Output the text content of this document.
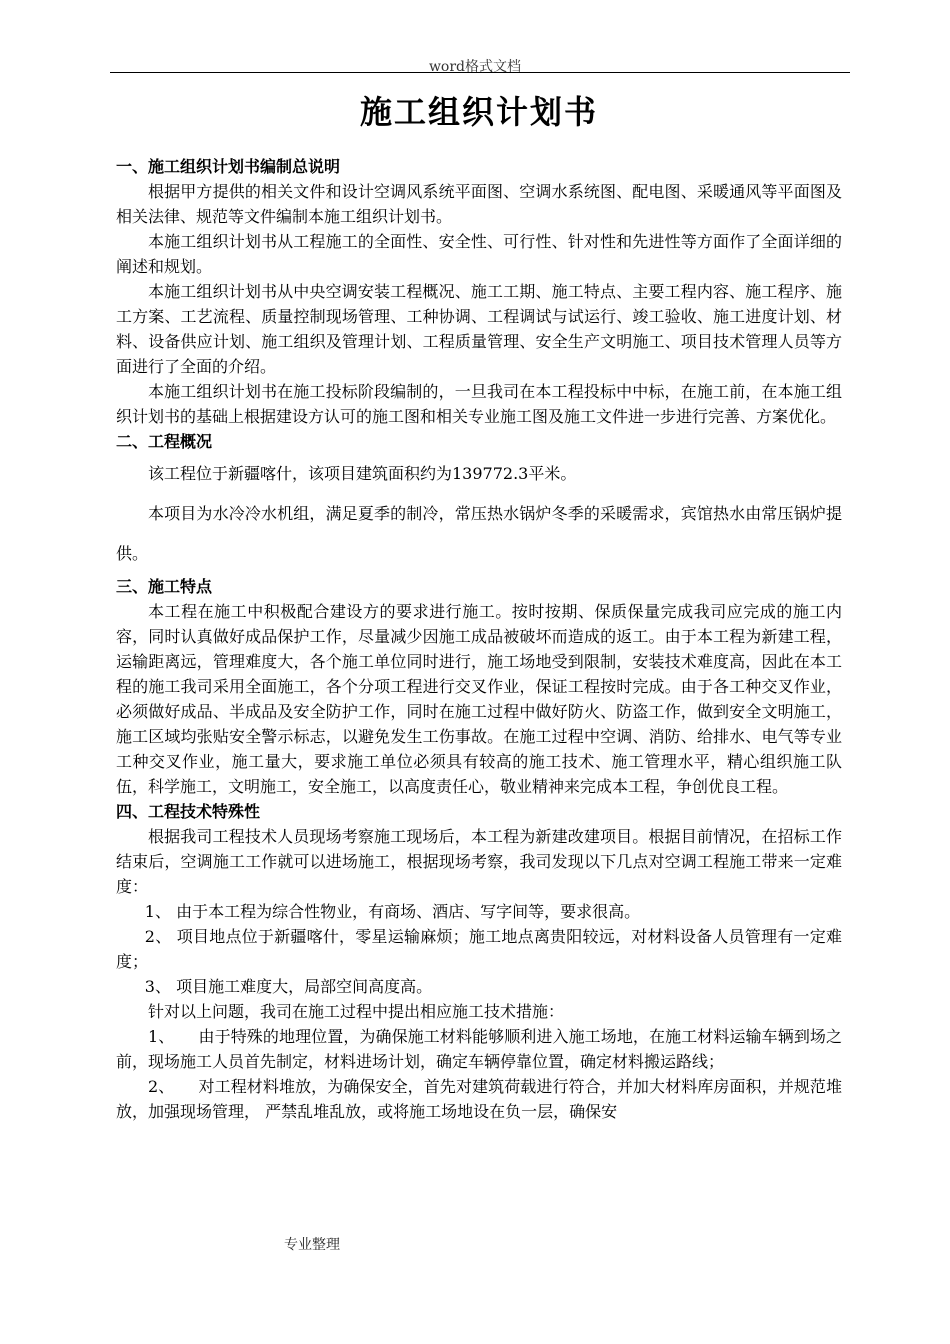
word格式文档
施工组织计划书
一、施工组织计划书编制总说明
根据甲方提供的相关文件和设计空调风系统平面图、空调水系统图、配电图、采暖通风等平面图及相关法律、规范等文件编制本施工组织计划书。
本施工组织计划书从工程施工的全面性、安全性、可行性、针对性和先进性等方面作了全面详细的阐述和规划。
本施工组织计划书从中央空调安装工程概况、施工工期、施工特点、主要工程内容、施工程序、施工方案、工艺流程、质量控制现场管理、工种协调、工程调试与试运行、竣工验收、施工进度计划、材料、设备供应计划、施工组织及管理计划、工程质量管理、安全生产文明施工、项目技术管理人员等方面进行了全面的介绍。
本施工组织计划书在施工投标阶段编制的，一旦我司在本工程投标中中标，在施工前，在本施工组织计划书的基础上根据建设方认可的施工图和相关专业施工图及施工文件进一步进行完善、方案优化。
二、工程概况
该工程位于新疆喀什，该项目建筑面积约为139772.3平米。
本项目为水冷冷水机组，满足夏季的制冷，常压热水锅炉冬季的采暖需求，宾馆热水由常压锅炉提供。
三、施工特点
本工程在施工中积极配合建设方的要求进行施工。按时按期、保质保量完成我司应完成的施工内容，同时认真做好成品保护工作，尽量减少因施工成品被破坏而造成的返工。由于本工程为新建工程，运输距离远，管理难度大，各个施工单位同时进行，施工场地受到限制，安装技术难度高，因此在本工程的施工我司采用全面施工，各个分项工程进行交叉作业，保证工程按时完成。由于各工种交叉作业，必须做好成品、半成品及安全防护工作，同时在施工过程中做好防火、防盗工作，做到安全文明施工，施工区域均张贴安全警示标志，以避免发生工伤事故。在施工过程中空调、消防、给排水、电气等专业工种交叉作业，施工量大，要求施工单位必须具有较高的施工技术、施工管理水平，精心组织施工队伍，科学施工，文明施工，安全施工，以高度责任心，敬业精神来完成本工程，争创优良工程。
四、工程技术特殊性
根据我司工程技术人员现场考察施工现场后，本工程为新建改建项目。根据目前情况，在招标工作结束后，空调施工工作就可以进场施工，根据现场考察，我司发现以下几点对空调工程施工带来一定难度：
1、 由于本工程为综合性物业，有商场、酒店、写字间等，要求很高。
2、 项目地点位于新疆喀什，零星运输麻烦；施工地点离贵阳较远，对材料设备人员管理有一定难度；
3、 项目施工难度大，局部空间高度高。
针对以上问题，我司在施工过程中提出相应施工技术措施：
1、　　由于特殊的地理位置，为确保施工材料能够顺利进入施工场地，在施工材料运输车辆到场之前，现场施工人员首先制定，材料进场计划，确定车辆停靠位置，确定材料搬运路线；
2、　　对工程材料堆放，为确保安全，首先对建筑荷载进行符合，并加大材料库房面积，并规范堆放，加强现场管理， 严禁乱堆乱放，或将施工场地设在负一层，确保安
专业整理
